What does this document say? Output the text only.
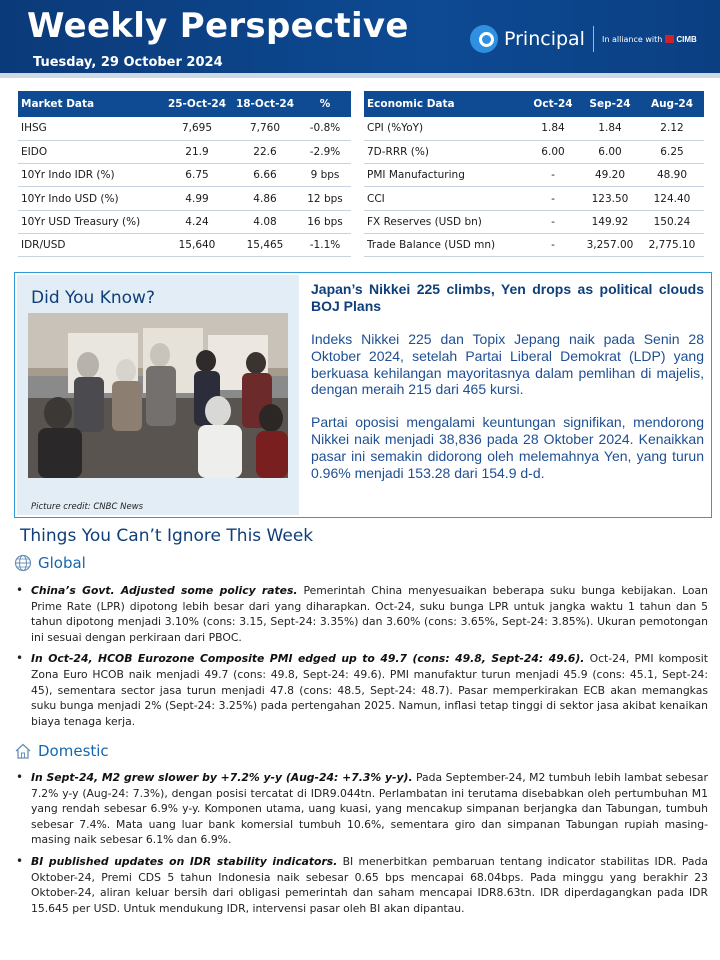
Weekly Perspective
Tuesday, 29 October 2024
Principal In alliance with CIMB
Market Data	25-Oct-24	18-Oct-24	%
IHSG	7,695	7,760	-0.8%
EIDO	21.9	22.6	-2.9%
10Yr Indo IDR (%)	6.75	6.66	9 bps
10Yr Indo USD (%)	4.99	4.86	12 bps
10Yr USD Treasury (%)	4.24	4.08	16 bps
IDR/USD	15,640	15,465	-1.1%
Economic Data	Oct-24	Sep-24	Aug-24
CPI (%YoY)	1.84	1.84	2.12
7D-RRR (%)	6.00	6.00	6.25
PMI Manufacturing	-	49.20	48.90
CCI	-	123.50	124.40
FX Reserves (USD bn)	-	149.92	150.24
Trade Balance (USD mn)	-	3,257.00	2,775.10
Did You Know?
Picture credit: CNBC News
Japan’s Nikkei 225 climbs, Yen drops as political clouds BOJ Plans

Indeks Nikkei 225 dan Topix Jepang naik pada Senin 28 Oktober 2024, setelah Partai Liberal Demokrat (LDP) yang berkuasa kehilangan mayoritasnya dalam pemlihan di majelis, dengan meraih 215 dari 465 kursi.

Partai oposisi mengalami keuntungan signifikan, mendorong Nikkei naik menjadi 38,836 pada 28 Oktober 2024. Kenaikkan pasar ini semakin didorong oleh melemahnya Yen, yang turun 0.96% menjadi 153.28 dari 154.9 d-d.

Things You Can’t Ignore This Week
Global
• China’s Govt. Adjusted some policy rates. Pemerintah China menyesuaikan beberapa suku bunga kebijakan. Loan Prime Rate (LPR) dipotong lebih besar dari yang diharapkan. Oct-24, suku bunga LPR untuk jangka waktu 1 tahun dan 5 tahun dipotong menjadi 3.10% (cons: 3.15, Sept-24: 3.35%) dan 3.60% (cons: 3.65%, Sept-24: 3.85%). Ukuran pemotongan ini sesuai dengan perkiraan dari PBOC.
• In Oct-24, HCOB Eurozone Composite PMI edged up to 49.7 (cons: 49.8, Sept-24: 49.6). Oct-24, PMI komposit Zona Euro HCOB naik menjadi 49.7 (cons: 49.8, Sept-24: 49.6). PMI manufaktur turun menjadi 45.9 (cons: 45.1, Sept-24: 45), sementara sector jasa turun menjadi 47.8 (cons: 48.5, Sept-24: 48.7). Pasar memperkirakan ECB akan memangkas suku bunga menjadi 2% (Sept-24: 3.25%) pada pertengahan 2025. Namun, inflasi tetap tinggi di sektor jasa akibat kenaikan biaya tenaga kerja.
Domestic
• In Sept-24, M2 grew slower by +7.2% y-y (Aug-24: +7.3% y-y). Pada September-24, M2 tumbuh lebih lambat sebesar 7.2% y-y (Aug-24: 7.3%), dengan posisi tercatat di IDR9.044tn. Perlambatan ini terutama disebabkan oleh pertumbuhan M1 yang rendah sebesar 6.9% y-y. Komponen utama, uang kuasi, yang mencakup simpanan berjangka dan Tabungan, tumbuh sebesar 7.4%. Mata uang luar bank komersial tumbuh 10.6%, sementara giro dan simpanan Tabungan rupiah masing-masing naik sebesar 6.1% dan 6.9%.
• BI published updates on IDR stability indicators. BI menerbitkan pembaruan tentang indicator stabilitas IDR. Pada Oktober-24, Premi CDS 5 tahun Indonesia naik sebesar 0.65 bps mencapai 68.04bps. Pada minggu yang berakhir 23 Oktober-24, aliran keluar bersih dari obligasi pemerintah dan saham mencapai IDR8.63tn. IDR diperdagangkan pada IDR 15.645 per USD. Untuk mendukung IDR, intervensi pasar oleh BI akan dipantau.
